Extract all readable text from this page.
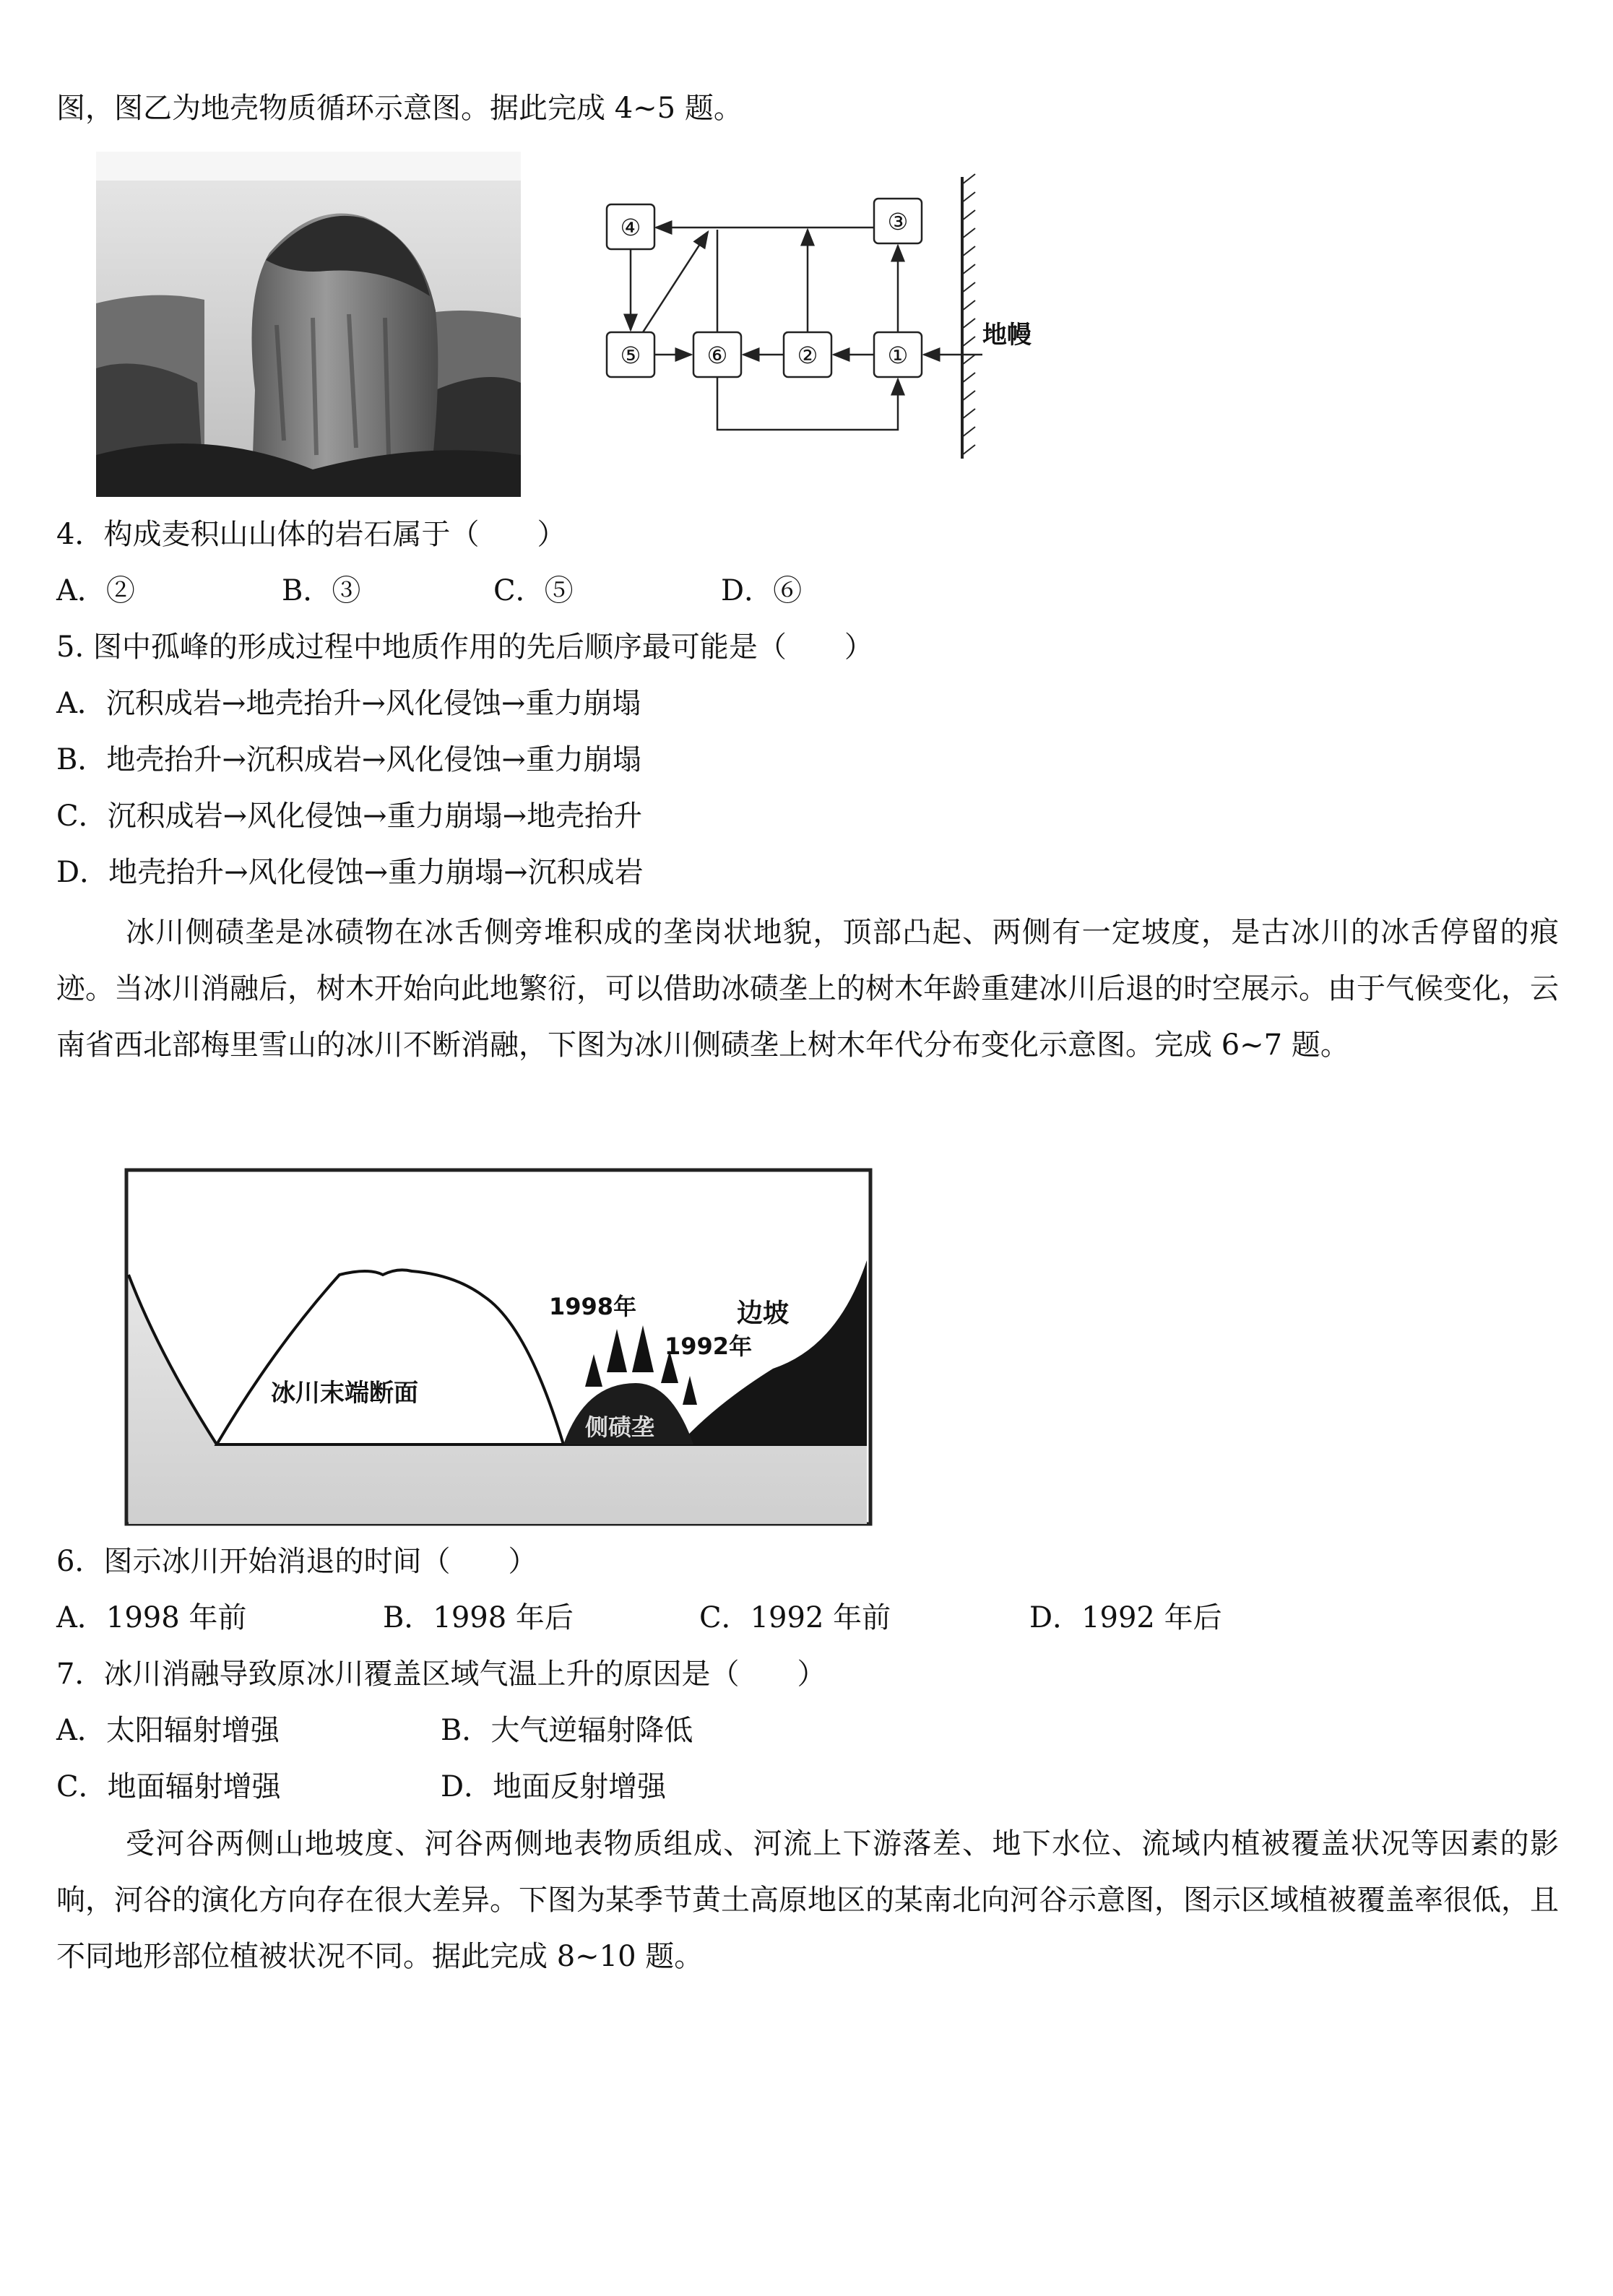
图，图乙为地壳物质循环示意图。据此完成 4~5 题。
地幔
④	③
⑤	⑥	②	①
4．构成麦积山山体的岩石属于（　　）
A．②	B．③	C．⑤	D．⑥
5. 图中孤峰的形成过程中地质作用的先后顺序最可能是（　　）
A．沉积成岩→地壳抬升→风化侵蚀→重力崩塌
B．地壳抬升→沉积成岩→风化侵蚀→重力崩塌
C．沉积成岩→风化侵蚀→重力崩塌→地壳抬升
D．地壳抬升→风化侵蚀→重力崩塌→沉积成岩
冰川侧碛垄是冰碛物在冰舌侧旁堆积成的垄岗状地貌，顶部凸起、两侧有一定坡度，是古冰川的冰舌停留的痕迹。当冰川消融后，树木开始向此地繁衍，可以借助冰碛垄上的树木年龄重建冰川后退的时空展示。由于气候变化，云南省西北部梅里雪山的冰川不断消融，下图为冰川侧碛垄上树木年代分布变化示意图。完成 6~7 题。
冰川末端断面
1998年
1992年
边坡
侧碛垄
6．图示冰川开始消退的时间（　　）
A．1998 年前	B．1998 年后	C．1992 年前	D．1992 年后
7．冰川消融导致原冰川覆盖区域气温上升的原因是（　　）
A．太阳辐射增强	B．大气逆辐射降低
C．地面辐射增强	D．地面反射增强
受河谷两侧山地坡度、河谷两侧地表物质组成、河流上下游落差、地下水位、流域内植被覆盖状况等因素的影响，河谷的演化方向存在很大差异。下图为某季节黄土高原地区的某南北向河谷示意图，图示区域植被覆盖率很低，且不同地形部位植被状况不同。据此完成 8~10 题。
